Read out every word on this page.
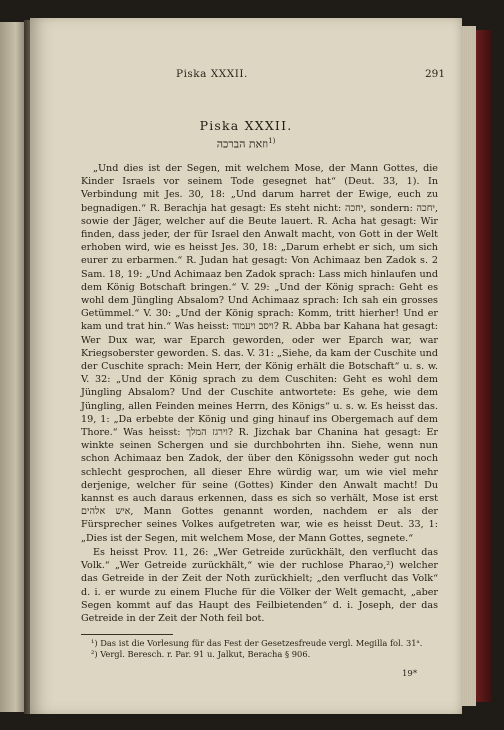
Piska XXXII.	291
Piska XXXII.
וזאת הברכה$^{1)}$

„Und dies ist der Segen, mit welchem Mose, der Mann Gottes, die Kinder Israels vor seinem Tode gesegnet hat“ (Deut. 33, 1). In Verbindung mit Jes. 30, 18: „Und darum harret der Ewige, euch zu begnadigen.“ R. Berachja hat gesagt: Es steht nicht: יחכה, sondern: יחכה, sowie der Jäger, welcher auf die Beute lauert. R. Acha hat gesagt: Wir finden, dass jeder, der für Israel den Anwalt macht, von Gott in der Welt erhoben wird, wie es heisst Jes. 30, 18: „Darum erhebt er sich, um sich eurer zu erbarmen.“ R. Judan hat gesagt: Von Achimaaz ben Zadok s. 2 Sam. 18, 19: „Und Achimaaz ben Zadok sprach: Lass mich hinlaufen und dem König Botschaft bringen.“ V. 29: „Und der König sprach: Geht es wohl dem Jüngling Absalom? Und Achimaaz sprach: Ich sah ein grosses Getümmel.“ V. 30: „Und der König sprach: Komm, tritt hierher! Und er kam und trat hin.“ Was heisst: ויסב ויעמוד? R. Abba bar Kahana hat gesagt: Wer Dux war, war Eparch geworden, oder wer Eparch war, war Kriegsoberster geworden. S. das. V. 31: „Siehe, da kam der Cuschite und der Cuschite sprach: Mein Herr, der König erhält die Botschaft“ u. s. w. V. 32: „Und der König sprach zu dem Cuschiten: Geht es wohl dem Jüngling Absalom? Und der Cuschite antwortete: Es gehe, wie dem Jüngling, allen Feinden meines Herrn, des Königs“ u. s. w. Es heisst das. 19, 1: „Da erbebte der König und ging hinauf ins Obergemach auf dem Thore.“ Was heisst: וירגז המלך? R. Jizchak bar Chanina hat gesagt: Er winkte seinen Schergen und sie durchbohrten ihn. Siehe, wenn nun schon Achimaaz ben Zadok, der über den Königssohn weder gut noch schlecht gesprochen, all dieser Ehre würdig war, um wie viel mehr derjenige, welcher für seine (Gottes) Kinder den Anwalt macht! Du kannst es auch daraus erkennen, dass es sich so verhält, Mose ist erst איש אלהים, Mann Gottes genannt worden, nachdem er als der Fürsprecher seines Volkes aufgetreten war, wie es heisst Deut. 33, 1: „Dies ist der Segen, mit welchem Mose, der Mann Gottes, segnete.“

Es heisst Prov. 11, 26: „Wer Getreide zurückhält, den verflucht das Volk.“ „Wer Getreide zurückhält,“ wie der ruchlose Pharao,²) welcher das Getreide in der Zeit der Noth zurückhielt; „den verflucht das Volk“ d. i. er wurde zu einem Fluche für die Völker der Welt gemacht, „aber Segen kommt auf das Haupt des Feilbietenden“ d. i. Joseph, der das Getreide in der Zeit der Noth feil bot.

¹) Das ist die Vorlesung für das Fest der Gesetzesfreude vergl. Megilla fol. 31ᵃ.

²) Vergl. Beresch. r. Par. 91 u. Jalkut, Beracha § 906.

19*
